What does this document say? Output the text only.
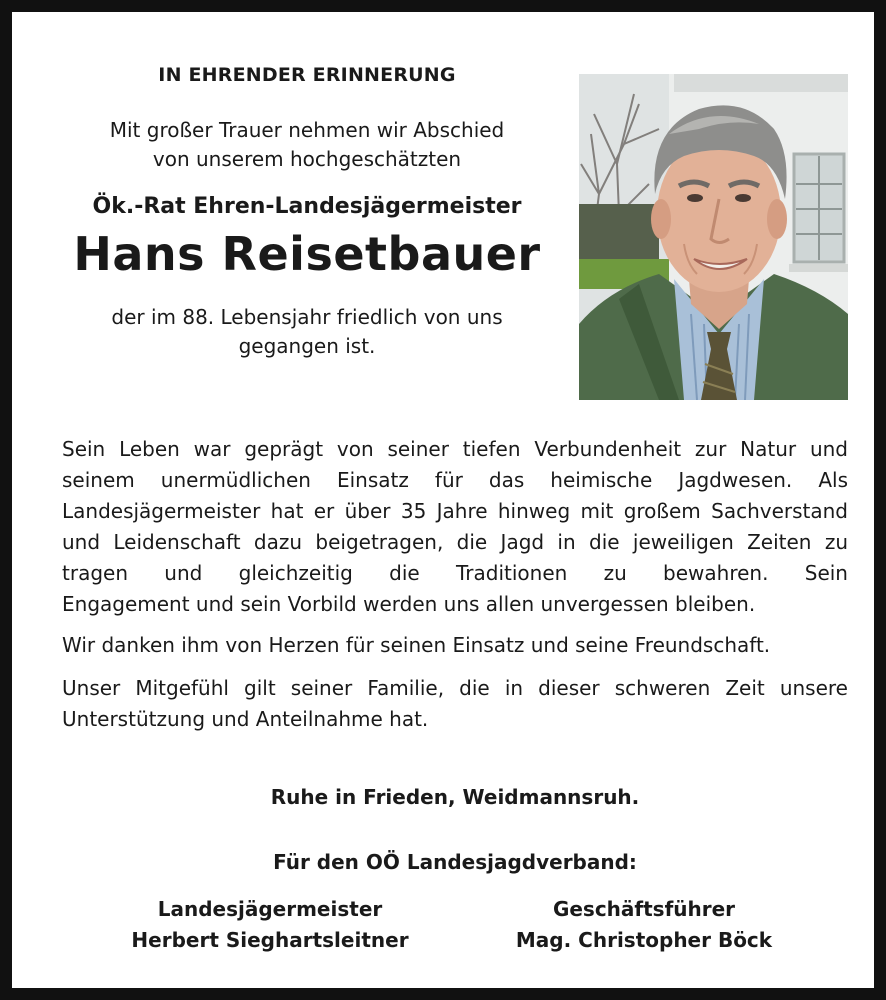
IN EHRENDER ERINNERUNG

Mit großer Trauer nehmen wir Abschied
von unserem hochgeschätzten

Ök.-Rat Ehren-Landesjägermeister

Hans Reisetbauer

der im 88. Lebensjahr friedlich von uns
gegangen ist.

Sein Leben war geprägt von seiner tiefen Verbundenheit zur Natur und seinem unermüdlichen Einsatz für das heimische Jagdwesen. Als Landesjägermeister hat er über 35 Jahre hinweg mit großem Sachverstand und Leidenschaft dazu beigetragen, die Jagd in die jeweiligen Zeiten zu tragen und gleichzeitig die Traditionen zu bewahren. Sein

Engagement und sein Vorbild werden uns allen unvergessen bleiben.

Wir danken ihm von Herzen für seinen Einsatz und seine Freundschaft.

Unser Mitgefühl gilt seiner Familie, die in dieser schweren Zeit unsere Unterstützung und Anteilnahme hat.

Ruhe in Frieden, Weidmannsruh.

Für den OÖ Landesjagdverband:

Landesjägermeister
Herbert Sieghartsleitner
Geschäftsführer
Mag. Christopher Böck
